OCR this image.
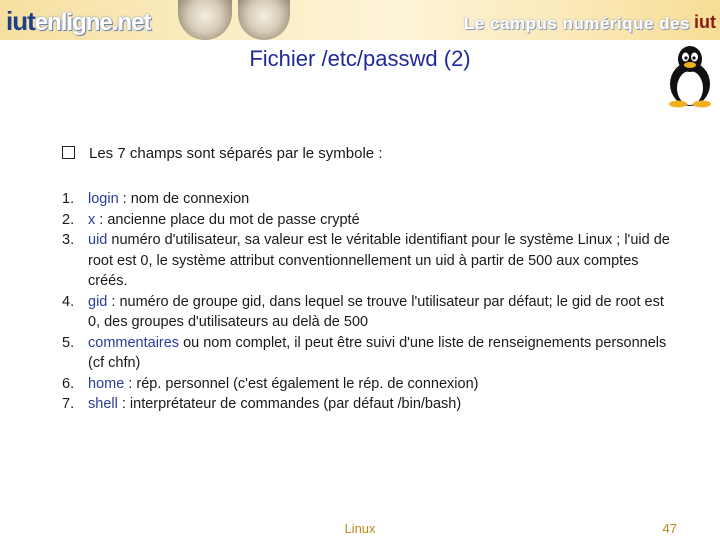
iutenligne.net	Le campus numérique des iut
Fichier /etc/passwd (2)
Les 7 champs sont séparés par le symbole :
1. login : nom de connexion
2. x : ancienne place du mot de passe crypté
3. uid numéro d'utilisateur, sa valeur est le véritable identifiant pour le système Linux ; l'uid de root est 0, le système attribut conventionnellement un uid à partir de 500 aux comptes créés.
4. gid : numéro de groupe gid, dans lequel se trouve l'utilisateur par défaut; le gid de root est 0, des groupes d'utilisateurs au delà de 500
5. commentaires ou nom complet, il peut être suivi d'une liste de renseignements personnels (cf chfn)
6. home : rép. personnel (c'est également le rép. de connexion)
7. shell : interprétateur de commandes (par défaut /bin/bash)
Linux	47
